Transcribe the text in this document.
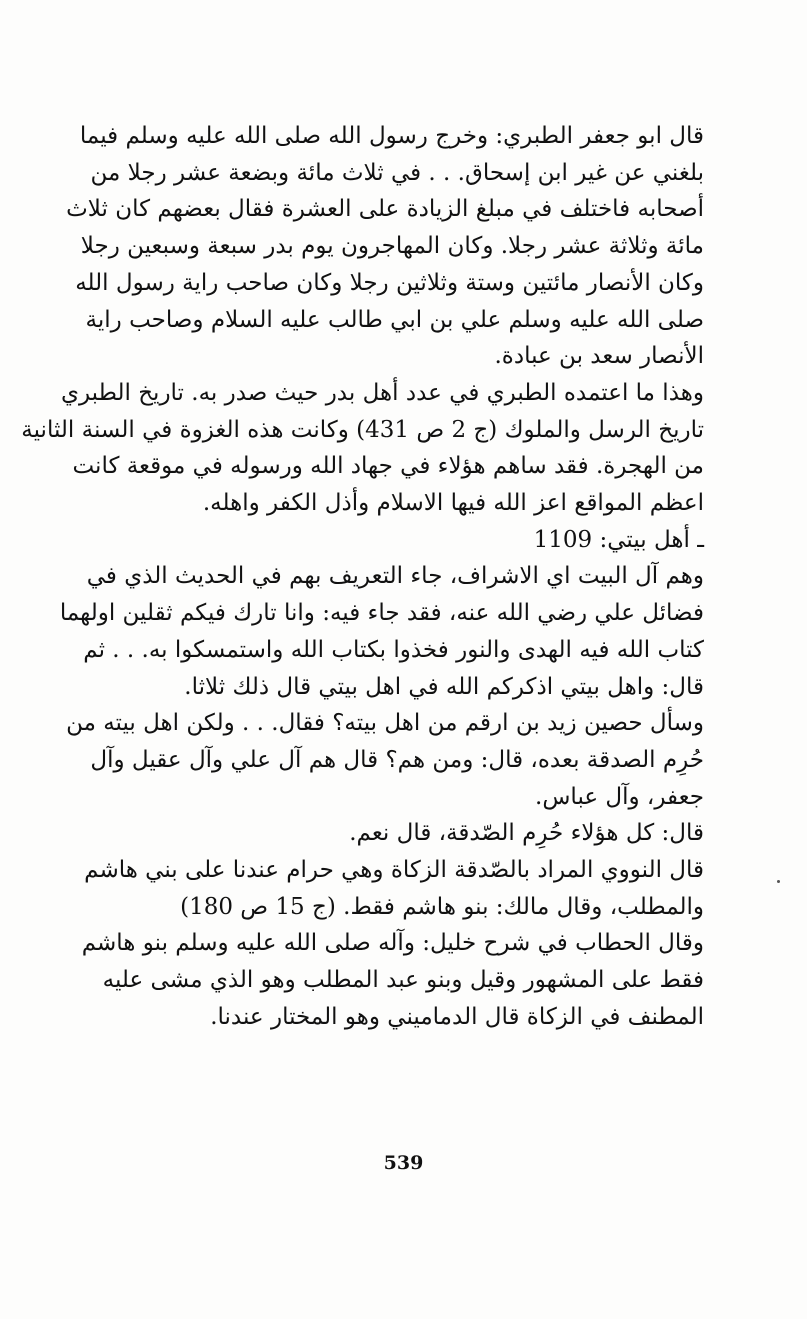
قال ابو جعفر الطبري: وخرج رسول الله صلى الله عليه وسلم فيما
بلغني عن غير ابن إسحاق. . . في ثلاث مائة وبضعة عشر رجلا من
أصحابه فاختلف في مبلغ الزيادة على العشرة فقال بعضهم كان ثلاث
مائة وثلاثة عشر رجلا. وكان المهاجرون يوم بدر سبعة وسبعين رجلا
وكان الأنصار مائتين وستة وثلاثين رجلا وكان صاحب راية رسول الله
صلى الله عليه وسلم علي بن ابي طالب عليه السلام وصاحب راية
الأنصار سعد بن عبادة.
وهذا ما اعتمده الطبري في عدد أهل بدر حيث صدر به. تاريخ الطبري
تاريخ الرسل والملوك (ج 2 ص 431) وكانت هذه الغزوة في السنة الثانية
من الهجرة. فقد ساهم هؤلاء في جهاد الله ورسوله في موقعة كانت
اعظم المواقع اعز الله فيها الاسلام وأذل الكفر واهله.
ـ أهل بيتي: 1109
وهم آل البيت اي الاشراف، جاء التعريف بهم في الحديث الذي في
فضائل علي رضي الله عنه، فقد جاء فيه: وانا تارك فيكم ثقلين اولهما
كتاب الله فيه الهدى والنور فخذوا بكتاب الله واستمسكوا به. . . ثم
قال: واهل بيتي اذكركم الله في اهل بيتي قال ذلك ثلاثا.
وسأل حصين زيد بن ارقم من اهل بيته؟ فقال. . . ولكن اهل بيته من
حُرِم الصدقة بعده، قال: ومن هم؟ قال هم آل علي وآل عقيل وآل
جعفر، وآل عباس.
قال: كل هؤلاء حُرِم الصّدقة، قال نعم.
قال النووي المراد بالصّدقة الزكاة وهي حرام عندنا على بني هاشم
والمطلب، وقال مالك: بنو هاشم فقط. (ج 15 ص 180)
وقال الحطاب في شرح خليل: وآله صلى الله عليه وسلم بنو هاشم
فقط على المشهور وقيل وبنو عبد المطلب وهو الذي مشى عليه
المطنف في الزكاة قال الدماميني وهو المختار عندنا.
539
